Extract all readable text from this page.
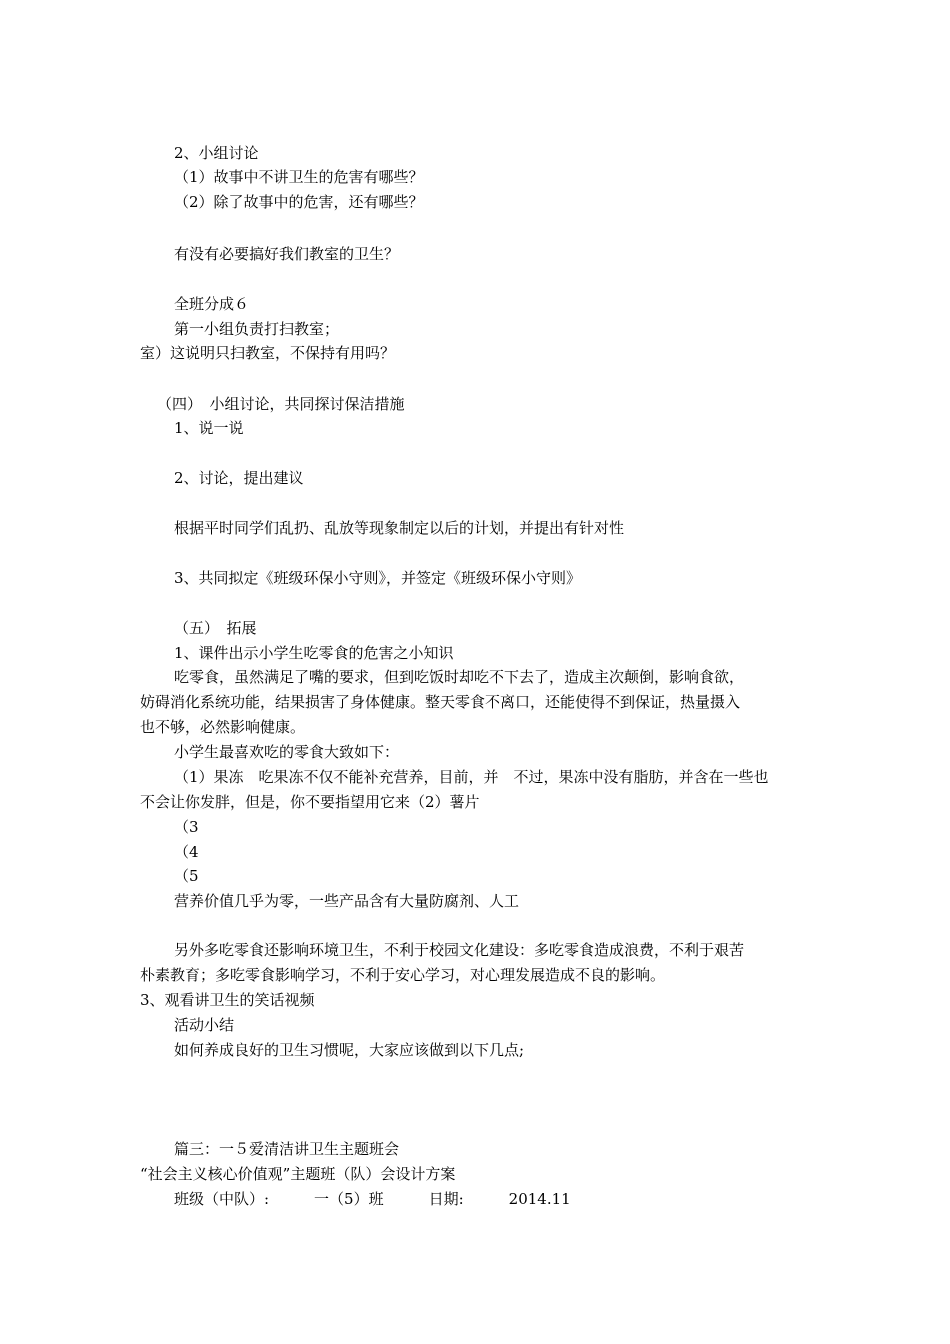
2、小组讨论
（1）故事中不讲卫生的危害有哪些？
（2）除了故事中的危害，还有哪些？
有没有必要搞好我们教室的卫生？
全班分成６
第一小组负责打扫教室；
室）这说明只扫教室，不保持有用吗？
（四）　小组讨论，共同探讨保洁措施
1、说一说
2、讨论，提出建议
根据平时同学们乱扔、乱放等现象制定以后的计划，并提出有针对性
3、共同拟定《班级环保小守则》，并签定《班级环保小守则》
（五）　拓展
1、课件出示小学生吃零食的危害之小知识
吃零食，虽然满足了嘴的要求，但到吃饭时却吃不下去了，造成主次颠倒，影响食欲，
妨碍消化系统功能，结果损害了身体健康。整天零食不离口，还能使得不到保证，热量摄入
也不够，必然影响健康。
小学生最喜欢吃的零食大致如下：
（1）果冻　吃果冻不仅不能补充营养，目前，并　不过，果冻中没有脂肪，并含在一些也
不会让你发胖，但是，你不要指望用它来（2）薯片
（3
（4
（5
营养价值几乎为零，一些产品含有大量防腐剂、人工
另外多吃零食还影响环境卫生，不利于校园文化建设：多吃零食造成浪费，不利于艰苦
朴素教育；多吃零食影响学习，不利于安心学习，对心理发展造成不良的影响。
3、观看讲卫生的笑话视频
活动小结
如何养成良好的卫生习惯呢，大家应该做到以下几点;
篇三：一５爱清洁讲卫生主题班会
“社会主义核心价值观”主题班（队）会设计方案
班级（中队）:　　　一（5）班　　　日期:　　　2014.11
